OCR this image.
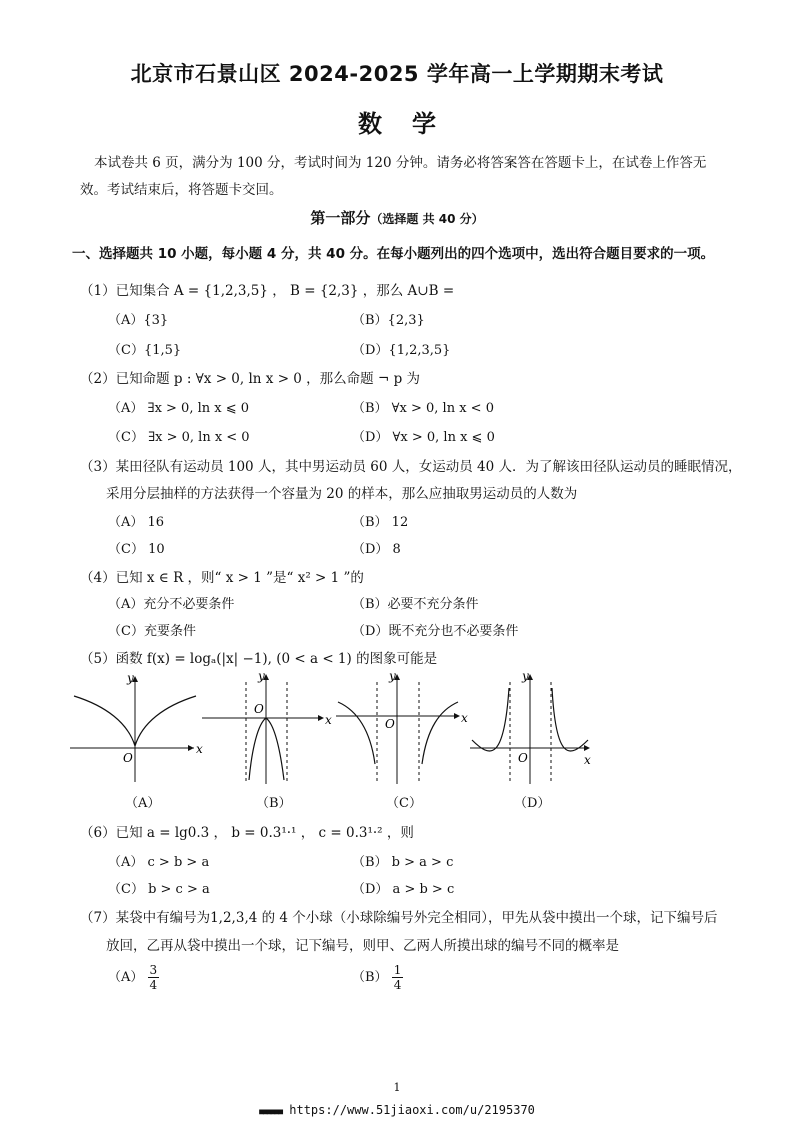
北京市石景山区 2024-2025 学年高一上学期期末考试
数学
本试卷共 6 页，满分为 100 分，考试时间为 120 分钟。请务必将答案答在答题卡上，在试卷上作答无效。考试结束后，将答题卡交回。
第一部分（选择题 共 40 分）
一、选择题共 10 小题，每小题 4 分，共 40 分。在每小题列出的四个选项中，选出符合题目要求的一项。
（1）已知集合 A = {1,2,3,5} ， B = {2,3} ，那么 A∪B =
（A）{3}	（B）{2,3}
（C）{1,5}	（D）{1,2,3,5}
（2）已知命题 p : ∀x > 0, ln x > 0 ，那么命题 ¬ p 为
（A） ∃x > 0, ln x ⩽ 0	（B） ∀x > 0, ln x < 0
（C） ∃x > 0, ln x < 0	（D） ∀x > 0, ln x ⩽ 0
（3）某田径队有运动员 100 人，其中男运动员 60 人，女运动员 40 人．为了解该田径队运动员的睡眠情况，
采用分层抽样的方法获得一个容量为 20 的样本，那么应抽取男运动员的人数为
（A） 16	（B） 12
（C） 10	（D） 8
（4）已知 x ∈ R ，则“ x > 1 ”是“ x² > 1 ”的
（A）充分不必要条件	（B）必要不充分条件
（C）充要条件	（D）既不充分也不必要条件
（5）函数 f(x) = logₐ(|x| −1), (0 < a < 1) 的图象可能是
x
y
O
x
y
O
x
y
O
x
y
O
（A）	（B）	（C）	（D）
（6）已知 a = lg0.3 ， b = 0.3¹·¹ ， c = 0.3¹·² ，则
（A） c > b > a	（B） b > a > c
（C） b > c > a	（D） a > b > c
（7）某袋中有编号为1,2,3,4 的 4 个小球（小球除编号外完全相同），甲先从袋中摸出一个球，记下编号后
放回，乙再从袋中摸出一个球，记下编号，则甲、乙两人所摸出球的编号不同的概率是
$(A) \frac{3}{4}$	$(B) \frac{1}{4}$
1
■■■■■■ https://www.51jiaoxi.com/u/2195370
